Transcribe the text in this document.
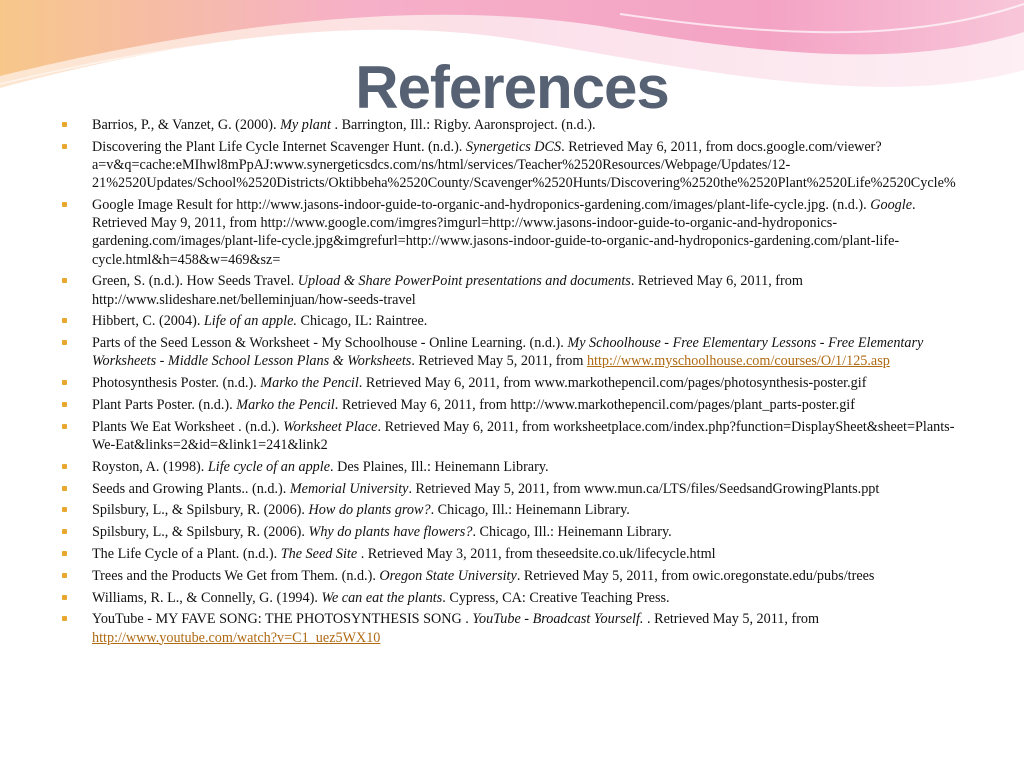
References
Barrios, P., & Vanzet, G. (2000). My plant . Barrington, Ill.: Rigby. Aaronsproject. (n.d.).
Discovering the Plant Life Cycle Internet Scavenger Hunt. (n.d.). Synergetics DCS. Retrieved May 6, 2011, from docs.google.com/viewer?a=v&q=cache:eMIhwl8mPpAJ:www.synergeticsdcs.com/ns/html/services/Teacher%2520Resources/Webpage/Updates/12-21%2520Updates/School%2520Districts/Oktibbeha%2520County/Scavenger%2520Hunts/Discovering%2520the%2520Plant%2520Life%2520Cycle%
Google Image Result for http://www.jasons-indoor-guide-to-organic-and-hydroponics-gardening.com/images/plant-life-cycle.jpg. (n.d.). Google. Retrieved May 9, 2011, from http://www.google.com/imgres?imgurl=http://www.jasons-indoor-guide-to-organic-and-hydroponics-gardening.com/images/plant-life-cycle.jpg&imgrefurl=http://www.jasons-indoor-guide-to-organic-and-hydroponics-gardening.com/plant-life-cycle.html&h=458&w=469&sz=
Green, S. (n.d.). How Seeds Travel. Upload & Share PowerPoint presentations and documents. Retrieved May 6, 2011, from http://www.slideshare.net/belleminjuan/how-seeds-travel
Hibbert, C. (2004). Life of an apple. Chicago, IL: Raintree.
Parts of the Seed Lesson & Worksheet - My Schoolhouse - Online Learning. (n.d.). My Schoolhouse - Free Elementary Lessons - Free Elementary Worksheets - Middle School Lesson Plans & Worksheets. Retrieved May 5, 2011, from http://www.myschoolhouse.com/courses/O/1/125.asp
Photosynthesis Poster. (n.d.). Marko the Pencil. Retrieved May 6, 2011, from www.markothepencil.com/pages/photosynthesis-poster.gif
Plant Parts Poster. (n.d.). Marko the Pencil. Retrieved May 6, 2011, from http://www.markothepencil.com/pages/plant_parts-poster.gif
Plants We Eat Worksheet . (n.d.). Worksheet Place. Retrieved May 6, 2011, from worksheetplace.com/index.php?function=DisplaySheet&sheet=Plants-We-Eat&links=2&id=&link1=241&link2
Royston, A. (1998). Life cycle of an apple. Des Plaines, Ill.: Heinemann Library.
Seeds and Growing Plants.. (n.d.). Memorial University. Retrieved May 5, 2011, from www.mun.ca/LTS/files/SeedsandGrowingPlants.ppt
Spilsbury, L., & Spilsbury, R. (2006). How do plants grow?. Chicago, Ill.: Heinemann Library.
Spilsbury, L., & Spilsbury, R. (2006). Why do plants have flowers?. Chicago, Ill.: Heinemann Library.
The Life Cycle of a Plant. (n.d.). The Seed Site . Retrieved May 3, 2011, from theseedsite.co.uk/lifecycle.html
Trees and the Products We Get from Them. (n.d.). Oregon State University. Retrieved May 5, 2011, from owic.oregonstate.edu/pubs/trees
Williams, R. L., & Connelly, G. (1994). We can eat the plants. Cypress, CA: Creative Teaching Press.
YouTube - MY FAVE SONG: THE PHOTOSYNTHESIS SONG . YouTube - Broadcast Yourself. . Retrieved May 5, 2011, from http://www.youtube.com/watch?v=C1_uez5WX10
